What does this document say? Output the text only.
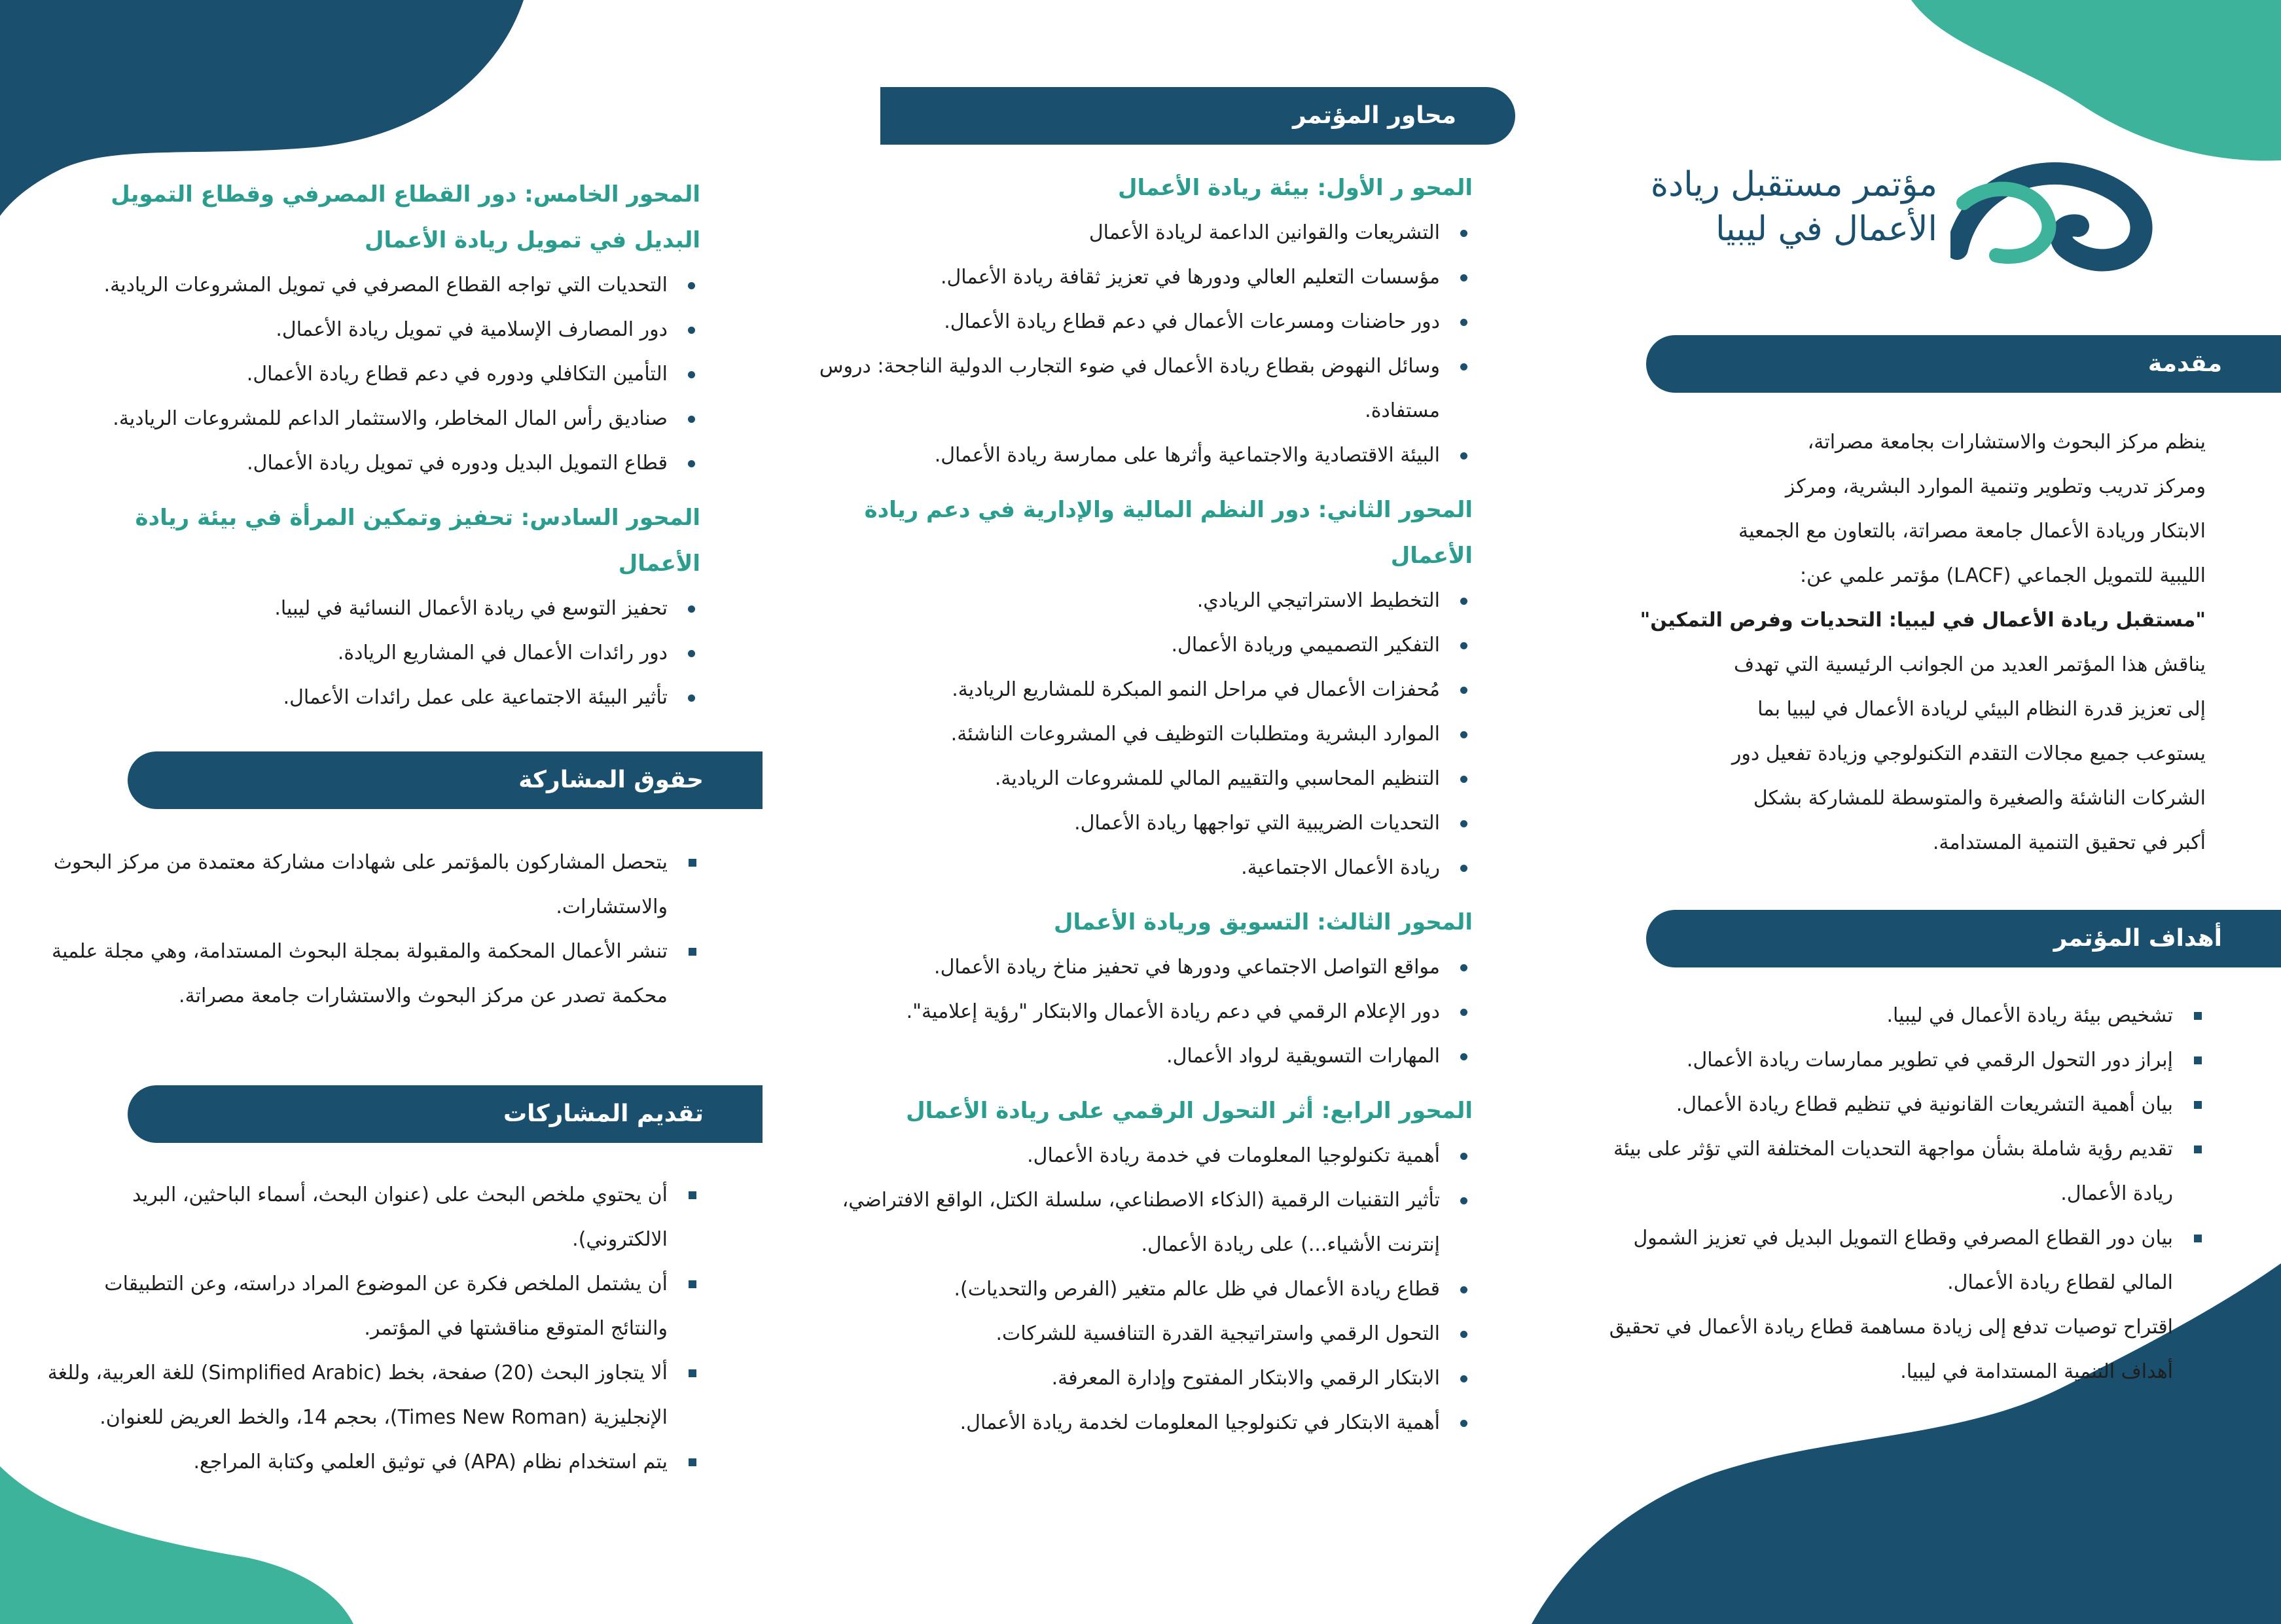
مؤتمر مستقبل ريادة
الأعمال في ليبيا
مقدمة

ينظم مركز البحوث والاستشارات بجامعة مصراتة،

ومركز تدريب وتطوير وتنمية الموارد البشرية، ومركز

الابتكار وريادة الأعمال جامعة مصراتة، بالتعاون مع الجمعية

الليبية للتمويل الجماعي (LACF) مؤتمر علمي عن:

"مستقبل ريادة الأعمال في ليبيا: التحديات وفرص التمكين"

يناقش هذا المؤتمر العديد من الجوانب الرئيسية التي تهدف

إلى تعزيز قدرة النظام البيئي لريادة الأعمال في ليبيا بما

يستوعب جميع مجالات التقدم التكنولوجي وزيادة تفعيل دور

الشركات الناشئة والصغيرة والمتوسطة للمشاركة بشكل

أكبر في تحقيق التنمية المستدامة.

أهداف المؤتمر
تشخيص بيئة ريادة الأعمال في ليبيا.
إبراز دور التحول الرقمي في تطوير ممارسات ريادة الأعمال.
بيان أهمية التشريعات القانونية في تنظيم قطاع ريادة الأعمال.
تقديم رؤية شاملة بشأن مواجهة التحديات المختلفة التي تؤثر على بيئة ريادة الأعمال.
بيان دور القطاع المصرفي وقطاع التمويل البديل في تعزيز الشمول المالي لقطاع ريادة الأعمال.
اقتراح توصيات تدفع إلى زيادة مساهمة قطاع ريادة الأعمال في تحقيق أهداف التنمية المستدامة في ليبيا.
محاور المؤتمر

المحو ر الأول: بيئة ريادة الأعمال

التشريعات والقوانين الداعمة لريادة الأعمال
مؤسسات التعليم العالي ودورها في تعزيز ثقافة ريادة الأعمال.
دور حاضنات ومسرعات الأعمال في دعم قطاع ريادة الأعمال.
وسائل النهوض بقطاع ريادة الأعمال في ضوء التجارب الدولية الناجحة: دروس مستفادة.
البيئة الاقتصادية والاجتماعية وأثرها على ممارسة ريادة الأعمال.

المحور الثاني: دور النظم المالية والإدارية في دعم ريادة الأعمال

التخطيط الاستراتيجي الريادي.
التفكير التصميمي وريادة الأعمال.
مُحفزات الأعمال في مراحل النمو المبكرة للمشاريع الريادية.
الموارد البشرية ومتطلبات التوظيف في المشروعات الناشئة.
التنظيم المحاسبي والتقييم المالي للمشروعات الريادية.
التحديات الضريبية التي تواجهها ريادة الأعمال.
ريادة الأعمال الاجتماعية.

المحور الثالث: التسويق وريادة الأعمال

مواقع التواصل الاجتماعي ودورها في تحفيز مناخ ريادة الأعمال.
دور الإعلام الرقمي في دعم ريادة الأعمال والابتكار "رؤية إعلامية".
المهارات التسويقية لرواد الأعمال.

المحور الرابع: أثر التحول الرقمي على ريادة الأعمال

أهمية تكنولوجيا المعلومات في خدمة ريادة الأعمال.
تأثير التقنيات الرقمية (الذكاء الاصطناعي، سلسلة الكتل، الواقع الافتراضي، إنترنت الأشياء...) على ريادة الأعمال.
قطاع ريادة الأعمال في ظل عالم متغير (الفرص والتحديات).
التحول الرقمي واستراتيجية القدرة التنافسية للشركات.
الابتكار الرقمي والابتكار المفتوح وإدارة المعرفة.
أهمية الابتكار في تكنولوجيا المعلومات لخدمة ريادة الأعمال.

المحور الخامس: دور القطاع المصرفي وقطاع التمويل البديل في تمويل ريادة الأعمال

التحديات التي تواجه القطاع المصرفي في تمويل المشروعات الريادية.
دور المصارف الإسلامية في تمويل ريادة الأعمال.
التأمين التكافلي ودوره في دعم قطاع ريادة الأعمال.
صناديق رأس المال المخاطر، والاستثمار الداعم للمشروعات الريادية.
قطاع التمويل البديل ودوره في تمويل ريادة الأعمال.

المحور السادس: تحفيز وتمكين المرأة في بيئة ريادة الأعمال

تحفيز التوسع في ريادة الأعمال النسائية في ليبيا.
دور رائدات الأعمال في المشاريع الريادة.
تأثير البيئة الاجتماعية على عمل رائدات الأعمال.
حقوق المشاركة
يتحصل المشاركون بالمؤتمر على شهادات مشاركة معتمدة من مركز البحوث والاستشارات.
تنشر الأعمال المحكمة والمقبولة بمجلة البحوث المستدامة، وهي مجلة علمية محكمة تصدر عن مركز البحوث والاستشارات جامعة مصراتة.
تقديم المشاركات
أن يحتوي ملخص البحث على (عنوان البحث، أسماء الباحثين، البريد الالكتروني).
أن يشتمل الملخص فكرة عن الموضوع المراد دراسته، وعن التطبيقات والنتائج المتوقع مناقشتها في المؤتمر.
ألا يتجاوز البحث (20) صفحة، بخط (Simplified Arabic) للغة العربية، وللغة الإنجليزية (Times New Roman)، بحجم 14، والخط العريض للعنوان.
يتم استخدام نظام (APA) في توثيق العلمي وكتابة المراجع.
